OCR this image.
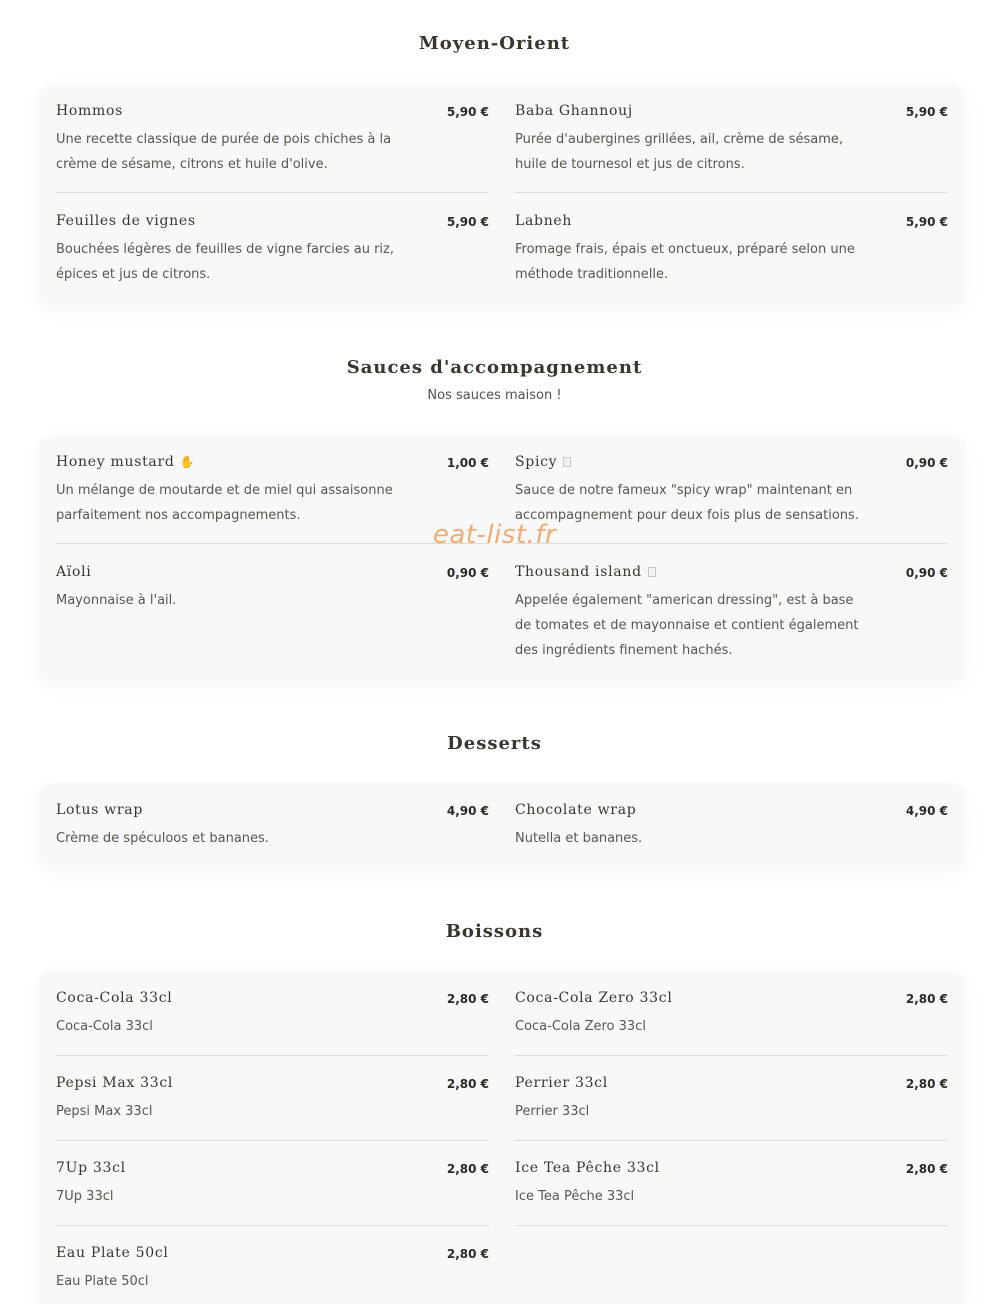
Moyen-Orient
Hommos	5,90 €
Une recette classique de purée de pois chiches à la crème de sésame, citrons et huile d'olive.
Baba Ghannouj	5,90 €
Purée d'aubergines grillées, ail, crème de sésame, huile de tournesol et jus de citrons.
Feuilles de vignes	5,90 €
Bouchées légères de feuilles de vigne farcies au riz, épices et jus de citrons.
Labneh	5,90 €
Fromage frais, épais et onctueux, préparé selon une méthode traditionnelle.
Sauces d'accompagnement

Nos sauces maison !

Honey mustard ✋	1,00 €
Un mélange de moutarde et de miel qui assaisonne parfaitement nos accompagnements.
Spicy	0,90 €
Sauce de notre fameux "spicy wrap" maintenant en accompagnement pour deux fois plus de sensations.
Aïoli	0,90 €
Mayonnaise à l'ail.
Thousand island	0,90 €
Appelée également "american dressing", est à base de tomates et de mayonnaise et contient également des ingrédients finement hachés.
eat-list.fr
Desserts
Lotus wrap	4,90 €
Crème de spéculoos et bananes.
Chocolate wrap	4,90 €
Nutella et bananes.
Boissons
Coca-Cola 33cl	2,80 €
Coca-Cola 33cl
Coca-Cola Zero 33cl	2,80 €
Coca-Cola Zero 33cl
Pepsi Max 33cl	2,80 €
Pepsi Max 33cl
Perrier 33cl	2,80 €
Perrier 33cl
7Up 33cl	2,80 €
7Up 33cl
Ice Tea Pêche 33cl	2,80 €
Ice Tea Pêche 33cl
Eau Plate 50cl	2,80 €
Eau Plate 50cl
